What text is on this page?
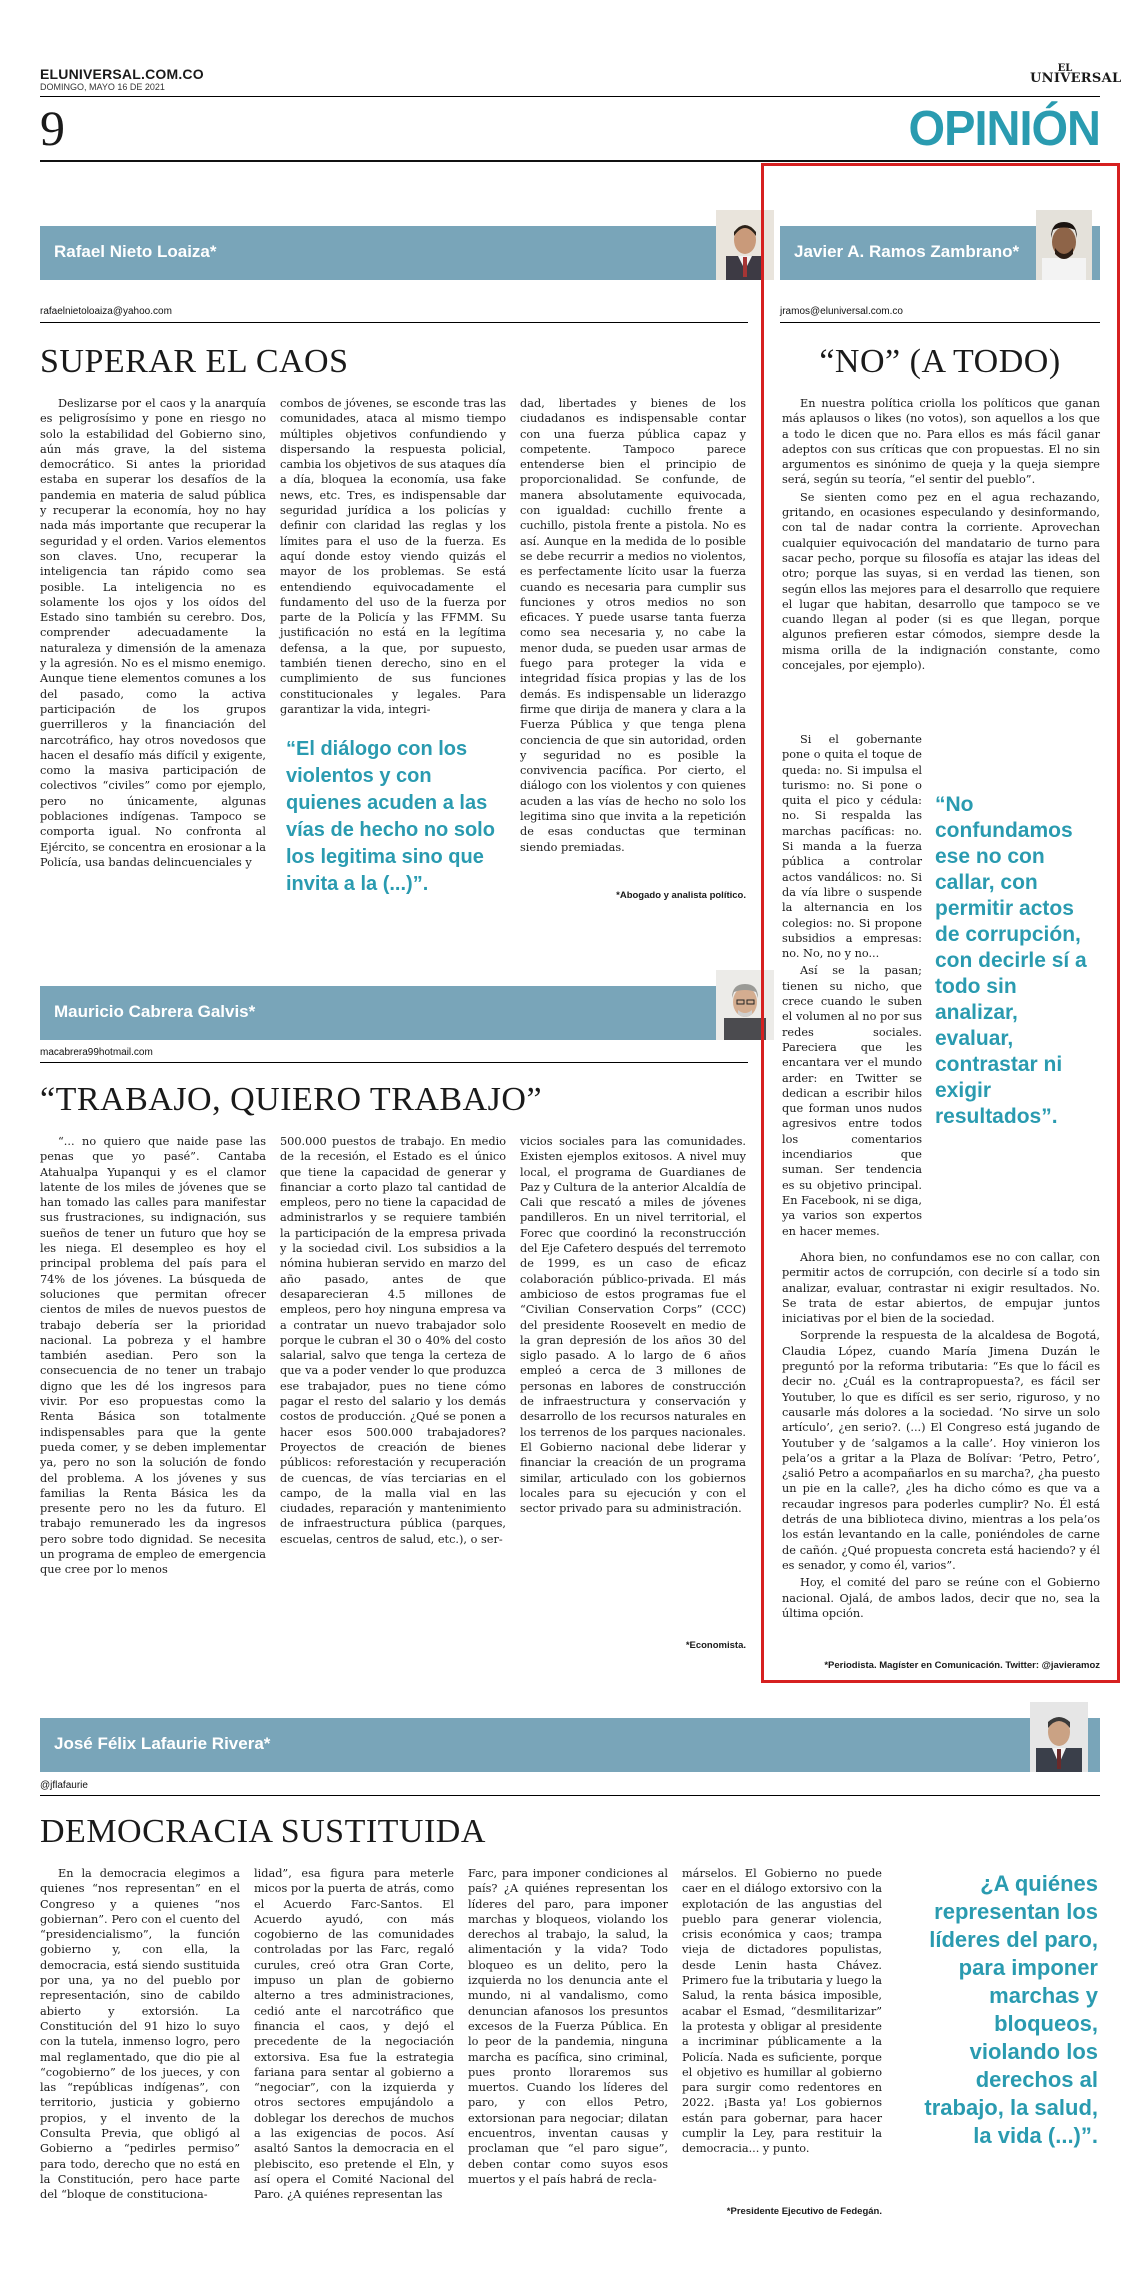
ELUNIVERSAL.COM.CO
DOMINGO, MAYO 16 DE 2021
EL
UNIVERSAL
9	OPINIÓN
Rafael Nieto Loaiza*
rafaelnietoloaiza@yahoo.com
SUPERAR EL CAOS

Deslizarse por el caos y la anarquía es peligrosísimo y pone en riesgo no solo la estabilidad del Gobierno sino, aún más grave, la del sistema democrático. Si antes la prioridad estaba en superar los desafíos de la pandemia en materia de salud pública y recuperar la economía, hoy no hay nada más importante que recuperar la seguridad y el orden. Varios elementos son claves. Uno, recuperar la inteligencia tan rápido como sea posible. La inteligencia no es solamente los ojos y los oídos del Estado sino también su cerebro. Dos, comprender adecuadamente la naturaleza y dimensión de la amenaza y la agresión. No es el mismo enemigo. Aunque tiene elementos comunes a los del pasado, como la activa participación de los grupos guerrilleros y la financiación del narcotráfico, hay otros novedosos que hacen el desafío más difícil y exigente, como la masiva participación de colectivos “civiles” como por ejemplo, pero no únicamente, algunas poblaciones indígenas. Tampoco se comporta igual. No confronta al Ejército, se concentra en erosionar a la Policía, usa bandas delincuenciales y

combos de jóvenes, se esconde tras las comunidades, ataca al mismo tiempo múltiples objetivos confundiendo y dispersando la respuesta policial, cambia los objetivos de sus ataques día a día, bloquea la economía, usa fake news, etc. Tres, es indispensable dar seguridad jurídica a los policías y definir con claridad las reglas y los límites para el uso de la fuerza. Es aquí donde estoy viendo quizás el mayor de los problemas. Se está entendiendo equivocadamente el fundamento del uso de la fuerza por parte de la Policía y las FFMM. Su justificación no está en la legítima defensa, a la que, por supuesto, también tienen derecho, sino en el cumplimiento de sus funciones constitucionales y legales. Para garantizar la vida, integri-

“El diálogo con los violentos y con quienes acuden a las vías de hecho no solo los legitima sino que invita a la (...)”.

dad, libertades y bienes de los ciudadanos es indispensable contar con una fuerza pública capaz y competente. Tampoco parece entenderse bien el principio de proporcionalidad. Se confunde, de manera absolutamente equivocada, con igualdad: cuchillo frente a cuchillo, pistola frente a pistola. No es así. Aunque en la medida de lo posible se debe recurrir a medios no violentos, es perfectamente lícito usar la fuerza cuando es necesaria para cumplir sus funciones y otros medios no son eficaces. Y puede usarse tanta fuerza como sea necesaria y, no cabe la menor duda, se pueden usar armas de fuego para proteger la vida e integridad física propias y las de los demás. Es indispensable un liderazgo firme que dirija de manera y clara a la Fuerza Pública y que tenga plena conciencia de que sin autoridad, orden y seguridad no es posible la convivencia pacífica. Por cierto, el diálogo con los violentos y con quienes acuden a las vías de hecho no solo los legitima sino que invita a la repetición de esas conductas que terminan siendo premiadas.

*Abogado y analista político.
Mauricio Cabrera Galvis*
macabrera99hotmail.com
“TRABAJO, QUIERO TRABAJO”

“... no quiero que naide pase las penas que yo pasé”. Cantaba Atahualpa Yupanqui y es el clamor latente de los miles de jóvenes que se han tomado las calles para manifestar sus frustraciones, su indignación, sus sueños de tener un futuro que hoy se les niega. El desempleo es hoy el principal problema del país para el 74% de los jóvenes. La búsqueda de soluciones que permitan ofrecer cientos de miles de nuevos puestos de trabajo debería ser la prioridad nacional. La pobreza y el hambre también asedian. Pero son la consecuencia de no tener un trabajo digno que les dé los ingresos para vivir. Por eso propuestas como la Renta Básica son totalmente indispensables para que la gente pueda comer, y se deben implementar ya, pero no son la solución de fondo del problema. A los jóvenes y sus familias la Renta Básica les da presente pero no les da futuro. El trabajo remunerado les da ingresos pero sobre todo dignidad. Se necesita un programa de empleo de emergencia que cree por lo menos

500.000 puestos de trabajo. En medio de la recesión, el Estado es el único que tiene la capacidad de generar y financiar a corto plazo tal cantidad de empleos, pero no tiene la capacidad de administrarlos y se requiere también la participación de la empresa privada y la sociedad civil. Los subsidios a la nómina hubieran servido en marzo del año pasado, antes de que desaparecieran 4.5 millones de empleos, pero hoy ninguna empresa va a contratar un nuevo trabajador solo porque le cubran el 30 o 40% del costo salarial, salvo que tenga la certeza de que va a poder vender lo que produzca ese trabajador, pues no tiene cómo pagar el resto del salario y los demás costos de producción. ¿Qué se ponen a hacer esos 500.000 trabajadores? Proyectos de creación de bienes públicos: reforestación y recuperación de cuencas, de vías terciarias en el campo, de la malla vial en las ciudades, reparación y mantenimiento de infraestructura pública (parques, escuelas, centros de salud, etc.), o ser-

vicios sociales para las comunidades. Existen ejemplos exitosos. A nivel muy local, el programa de Guardianes de Paz y Cultura de la anterior Alcaldía de Cali que rescató a miles de jóvenes pandilleros. En un nivel territorial, el Forec que coordinó la reconstrucción del Eje Cafetero después del terremoto de 1999, es un caso de eficaz colaboración público-privada. El más ambicioso de estos programas fue el “Civilian Conservation Corps” (CCC) del presidente Roosevelt en medio de la gran depresión de los años 30 del siglo pasado. A lo largo de 6 años empleó a cerca de 3 millones de personas en labores de construcción de infraestructura y conservación y desarrollo de los recursos naturales en los terrenos de los parques nacionales. El Gobierno nacional debe liderar y financiar la creación de un programa similar, articulado con los gobiernos locales para su ejecución y con el sector privado para su administración.

*Economista.
Javier A. Ramos Zambrano*
jramos@eluniversal.com.co
“NO” (A TODO)

En nuestra política criolla los políticos que ganan más aplausos o likes (no votos), son aquellos a los que a todo le dicen que no. Para ellos es más fácil ganar adeptos con sus críticas que con propuestas. El no sin argumentos es sinónimo de queja y la queja siempre será, según su teoría, “el sentir del pueblo”.

Se sienten como pez en el agua rechazando, gritando, en ocasiones especulando y desinformando, con tal de nadar contra la corriente. Aprovechan cualquier equivocación del mandatario de turno para sacar pecho, porque su filosofía es atajar las ideas del otro; porque las suyas, si en verdad las tienen, son según ellos las mejores para el desarrollo que requiere el lugar que habitan, desarrollo que tampoco se ve cuando llegan al poder (si es que llegan, porque algunos prefieren estar cómodos, siempre desde la misma orilla de la indignación constante, como concejales, por ejemplo).

Si el gobernante pone o quita el toque de queda: no. Si impulsa el turismo: no. Si pone o quita el pico y cédula: no. Si respalda las marchas pacíficas: no. Si manda a la fuerza pública a controlar actos vandálicos: no. Si da vía libre o suspende la alternancia en los colegios: no. Si propone subsidios a empresas: no. No, no y no...

Así se la pasan; tienen su nicho, que crece cuando le suben el volumen al no por sus redes sociales. Pareciera que les encantara ver el mundo arder: en Twitter se dedican a escribir hilos que forman unos nudos agresivos entre todos los comentarios incendiarios que suman. Ser tendencia es su objetivo principal. En Facebook, ni se diga, ya varios son expertos en hacer memes.

“No confundamos ese no con callar, con permitir actos de corrupción, con decirle sí a todo sin analizar, evaluar, contrastar ni exigir resultados”.

Ahora bien, no confundamos ese no con callar, con permitir actos de corrupción, con decirle sí a todo sin analizar, evaluar, contrastar ni exigir resultados. No. Se trata de estar abiertos, de empujar juntos iniciativas por el bien de la sociedad.

Sorprende la respuesta de la alcaldesa de Bogotá, Claudia López, cuando María Jimena Duzán le preguntó por la reforma tributaria: “Es que lo fácil es decir no. ¿Cuál es la contrapropuesta?, es fácil ser Youtuber, lo que es difícil es ser serio, riguroso, y no causarle más dolores a la sociedad. ‘No sirve un solo artículo’, ¿en serio?. (...) El Congreso está jugando de Youtuber y de ‘salgamos a la calle’. Hoy vinieron los pela’os a gritar a la Plaza de Bolívar: ‘Petro, Petro’, ¿salió Petro a acompañarlos en su marcha?, ¿ha puesto un pie en la calle?, ¿les ha dicho cómo es que va a recaudar ingresos para poderles cumplir? No. Él está detrás de una biblioteca divino, mientras a los pela’os los están levantando en la calle, poniéndoles de carne de cañón. ¿Qué propuesta concreta está haciendo? y él es senador, y como él, varios”.

Hoy, el comité del paro se reúne con el Gobierno nacional. Ojalá, de ambos lados, decir que no, sea la última opción.

*Periodista. Magíster en Comunicación. Twitter: @javieramoz
José Félix Lafaurie Rivera*
@jflafaurie
DEMOCRACIA SUSTITUIDA

En la democracia elegimos a quienes “nos representan” en el Congreso y a quienes “nos gobiernan”. Pero con el cuento del “presidencialismo”, la función gobierno y, con ella, la democracia, está siendo sustituida por una, ya no del pueblo por representación, sino de cabildo abierto y extorsión. La Constitución del 91 hizo lo suyo con la tutela, inmenso logro, pero mal reglamentado, que dio pie al “cogobierno” de los jueces, y con las “repúblicas indígenas”, con territorio, justicia y gobierno propios, y el invento de la Consulta Previa, que obligó al Gobierno a “pedirles permiso” para todo, derecho que no está en la Constitución, pero hace parte del “bloque de constituciona-

lidad”, esa figura para meterle micos por la puerta de atrás, como el Acuerdo Farc-Santos. El Acuerdo ayudó, con más cogobierno de las comunidades controladas por las Farc, regaló curules, creó otra Gran Corte, impuso un plan de gobierno alterno a tres administraciones, cedió ante el narcotráfico que financia el caos, y dejó el precedente de la negociación extorsiva. Esa fue la estrategia fariana para sentar al gobierno a “negociar”, con la izquierda y otros sectores empujándolo a doblegar los derechos de muchos a las exigencias de pocos. Así asaltó Santos la democracia en el plebiscito, eso pretende el Eln, y así opera el Comité Nacional del Paro. ¿A quiénes representan las

Farc, para imponer condiciones al país? ¿A quiénes representan los líderes del paro, para imponer marchas y bloqueos, violando los derechos al trabajo, la salud, la alimentación y la vida? Todo bloqueo es un delito, pero la izquierda no los denuncia ante el mundo, ni al vandalismo, como denuncian afanosos los presuntos excesos de la Fuerza Pública. En lo peor de la pandemia, ninguna marcha es pacífica, sino criminal, pues pronto lloraremos sus muertos. Cuando los líderes del paro, y con ellos Petro, extorsionan para negociar; dilatan encuentros, inventan causas y proclaman que “el paro sigue”, deben contar como suyos esos muertos y el país habrá de recla-

márselos. El Gobierno no puede caer en el diálogo extorsivo con la explotación de las angustias del pueblo para generar violencia, crisis económica y caos; trampa vieja de dictadores populistas, desde Lenin hasta Chávez. Primero fue la tributaria y luego la Salud, la renta básica imposible, acabar el Esmad, “desmilitarizar” la protesta y obligar al presidente a incriminar públicamente a la Policía. Nada es suficiente, porque el objetivo es humillar al gobierno para surgir como redentores en 2022. ¡Basta ya! Los gobiernos están para gobernar, para hacer cumplir la Ley, para restituir la democracia... y punto.

*Presidente Ejecutivo de Fedegán.
¿A quiénes representan los líderes del paro, para imponer marchas y bloqueos, violando los derechos al trabajo, la salud, la vida (...)”.
